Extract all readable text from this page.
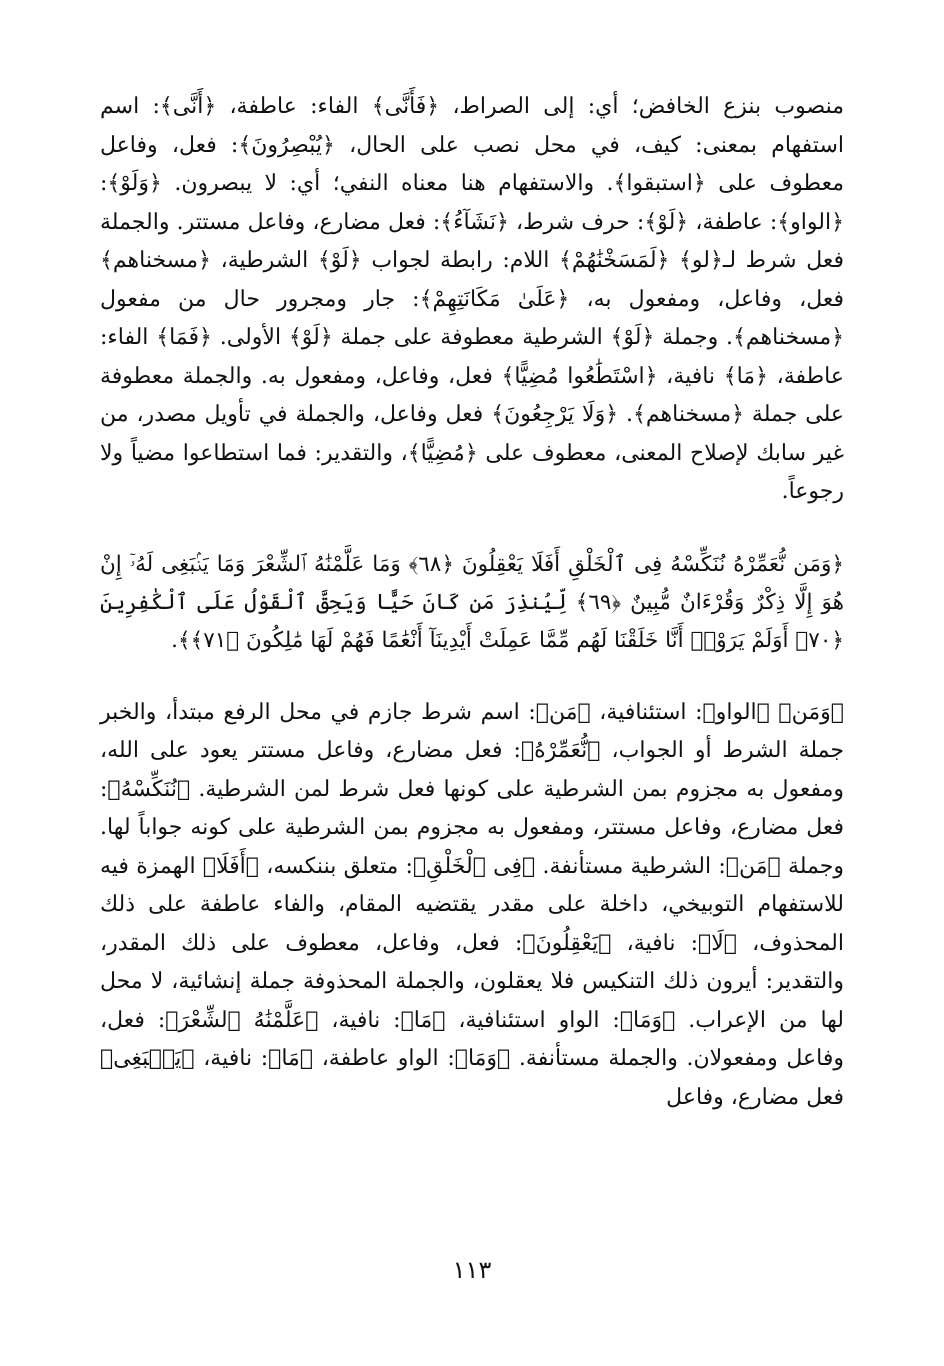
منصوب بنزع الخافض؛ أي: إلى الصراط، ﴿فَأَنَّى﴾ الفاء: عاطفة، ﴿أَنَّى﴾: اسم استفهام بمعنى: كيف، في محل نصب على الحال، ﴿يُبْصِرُونَ﴾: فعل، وفاعل معطوف على ﴿استبقوا﴾. والاستفهام هنا معناه النفي؛ أي: لا يبصرون. ﴿وَلَوْ﴾: ﴿الواو﴾: عاطفة، ﴿لَوْ﴾: حرف شرط، ﴿نَشَآءُ﴾: فعل مضارع، وفاعل مستتر. والجملة فعل شرط لـ﴿لو﴾ ﴿لَمَسَخْنَٰهُمْ﴾ اللام: رابطة لجواب ﴿لَوْ﴾ الشرطية، ﴿مسخناهم﴾ فعل، وفاعل، ومفعول به، ﴿عَلَىٰ مَكَانَتِهِمْ﴾: جار ومجرور حال من مفعول ﴿مسخناهم﴾. وجملة ﴿لَوْ﴾ الشرطية معطوفة على جملة ﴿لَوْ﴾ الأولى. ﴿فَمَا﴾ الفاء: عاطفة، ﴿مَا﴾ نافية، ﴿اسْتَطَٰعُوا مُضِيًّا﴾ فعل، وفاعل، ومفعول به. والجملة معطوفة على جملة ﴿مسخناهم﴾. ﴿وَلَا يَرْجِعُونَ﴾ فعل وفاعل، والجملة في تأويل مصدر، من غير سابك لإصلاح المعنى، معطوف على ﴿مُضِيًّا﴾، والتقدير: فما استطاعوا مضياً ولا رجوعاً.

﴿وَمَن نُّعَمِّرْهُ نُنَكِّسْهُ فِى ٱلْخَلْقِ أَفَلَا يَعْقِلُونَ ﴿٦٨﴾ وَمَا عَلَّمْنَٰهُ ٱلشِّعْرَ وَمَا يَنۢبَغِى لَهُۥٓ إِنْ هُوَ إِلَّا ذِكْرٌ وَقُرْءَانٌ مُّبِينٌ ﴿٦٩﴾ لِّيُنذِرَ مَن كَانَ حَيًّا وَيَحِقَّ ٱلْقَوْلُ عَلَى ٱلْكَٰفِرِينَ ﴿٧٠﴾ أَوَلَمْ يَرَوْا۟ أَنَّا خَلَقْنَا لَهُم مِّمَّا عَمِلَتْ أَيْدِينَآ أَنْعَٰمًا فَهُمْ لَهَا مَٰلِكُونَ ﴿٧١﴾﴾.

﴿وَمَن﴾ ﴿الواو﴾: استئنافية، ﴿مَن﴾: اسم شرط جازم في محل الرفع مبتدأ، والخبر جملة الشرط أو الجواب، ﴿نُّعَمِّرْهُ﴾: فعل مضارع، وفاعل مستتر يعود على الله، ومفعول به مجزوم بمن الشرطية على كونها فعل شرط لمن الشرطية. ﴿نُنَكِّسْهُ﴾: فعل مضارع، وفاعل مستتر، ومفعول به مجزوم بمن الشرطية على كونه جواباً لها. وجملة ﴿مَن﴾: الشرطية مستأنفة. ﴿فِى ٱلْخَلْقِ﴾: متعلق بننكسه، ﴿أَفَلَا﴾ الهمزة فيه للاستفهام التوبيخي، داخلة على مقدر يقتضيه المقام، والفاء عاطفة على ذلك المحذوف، ﴿لَا﴾: نافية، ﴿يَعْقِلُونَ﴾: فعل، وفاعل، معطوف على ذلك المقدر، والتقدير: أيرون ذلك التنكيس فلا يعقلون، والجملة المحذوفة جملة إنشائية، لا محل لها من الإعراب. ﴿وَمَا﴾: الواو استئنافية، ﴿مَا﴾: نافية، ﴿عَلَّمْنَٰهُ ٱلشِّعْرَ﴾: فعل، وفاعل ومفعولان. والجملة مستأنفة. ﴿وَمَا﴾: الواو عاطفة، ﴿مَا﴾: نافية، ﴿يَنۢبَغِى﴾ فعل مضارع، وفاعل

١١٣
